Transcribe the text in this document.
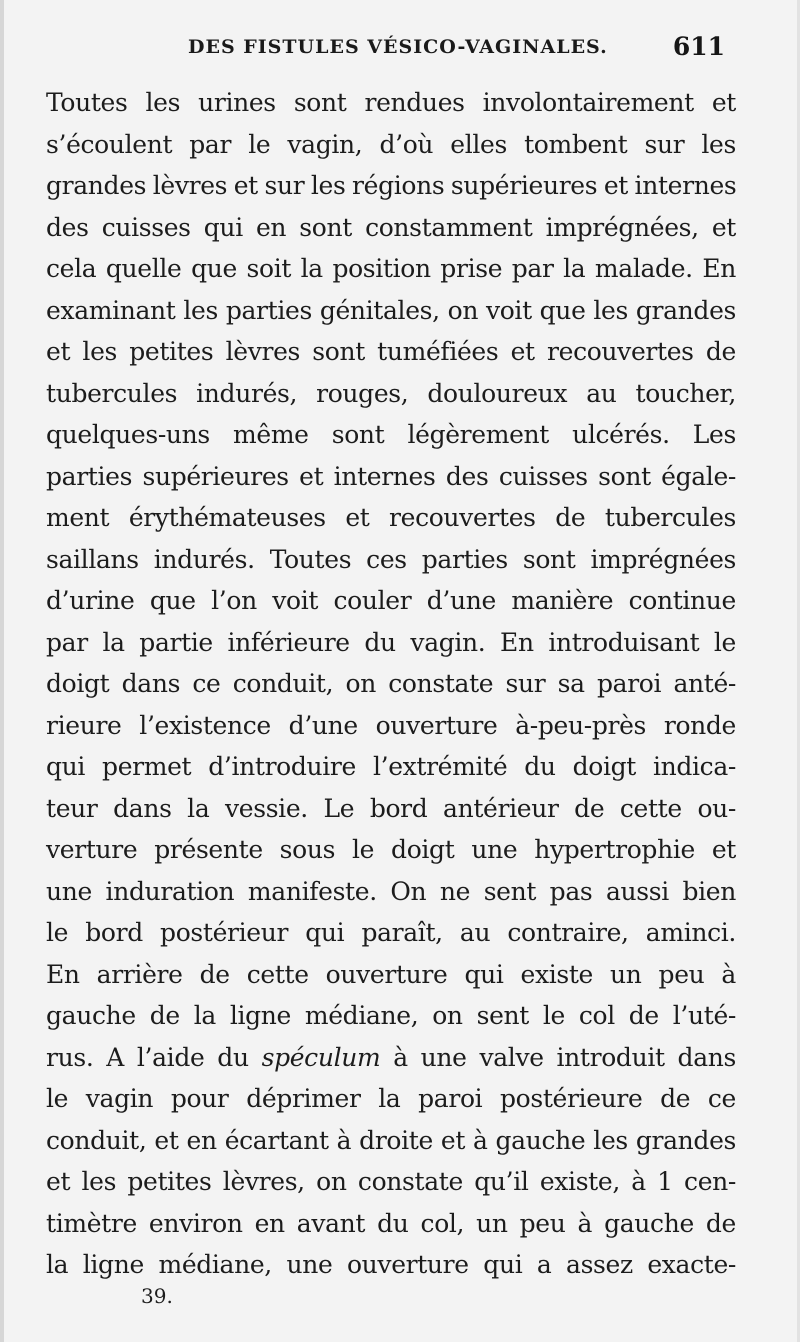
DES FISTULES VÉSICO-VAGINALES.	611
Toutes les urines sont rendues involontairement et
s’écoulent par le vagin, d’où elles tombent sur les
grandes lèvres et sur les régions supérieures et internes
des cuisses qui en sont constamment imprégnées, et
cela quelle que soit la position prise par la malade. En
examinant les parties génitales, on voit que les grandes
et les petites lèvres sont tuméfiées et recouvertes de
tubercules indurés, rouges, douloureux au toucher,
quelques-uns même sont légèrement ulcérés. Les
parties supérieures et internes des cuisses sont égale-
ment érythémateuses et recouvertes de tubercules
saillans indurés. Toutes ces parties sont imprégnées
d’urine que l’on voit couler d’une manière continue
par la partie inférieure du vagin. En introduisant le
doigt dans ce conduit, on constate sur sa paroi anté-
rieure l’existence d’une ouverture à-peu-près ronde
qui permet d’introduire l’extrémité du doigt indica-
teur dans la vessie. Le bord antérieur de cette ou-
verture présente sous le doigt une hypertrophie et
une induration manifeste. On ne sent pas aussi bien
le bord postérieur qui paraît, au contraire, aminci.
En arrière de cette ouverture qui existe un peu à
gauche de la ligne médiane, on sent le col de l’uté-
rus. A l’aide du spéculum à une valve introduit dans
le vagin pour déprimer la paroi postérieure de ce
conduit, et en écartant à droite et à gauche les grandes
et les petites lèvres, on constate qu’il existe, à 1 cen-
timètre environ en avant du col, un peu à gauche de
la ligne médiane, une ouverture qui a assez exacte-
39.
